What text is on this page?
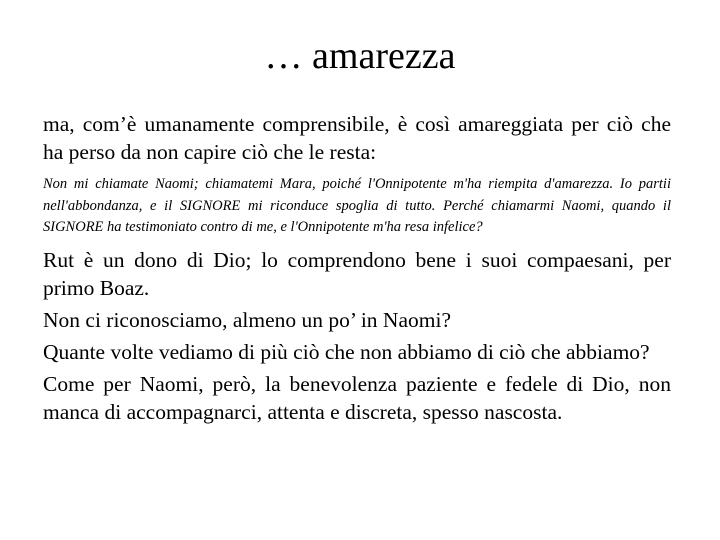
… amarezza

ma, com’è umanamente comprensibile, è così amareggiata per ciò che ha perso da non capire ciò che le resta:

Non mi chiamate Naomi; chiamatemi Mara, poiché l'Onnipotente m'ha riempita d'amarezza. Io partii nell'abbondanza, e il SIGNORE mi riconduce spoglia di tutto. Perché chiamarmi Naomi, quando il SIGNORE ha testimoniato contro di me, e l'Onnipotente m'ha resa infelice?

Rut è un dono di Dio; lo comprendono bene i suoi compaesani, per primo Boaz.

Non ci riconosciamo, almeno un po’ in Naomi?

Quante volte vediamo di più ciò che non abbiamo di ciò che abbiamo?

Come per Naomi, però, la benevolenza paziente e fedele di Dio, non manca di accompagnarci, attenta e discreta, spesso nascosta.
